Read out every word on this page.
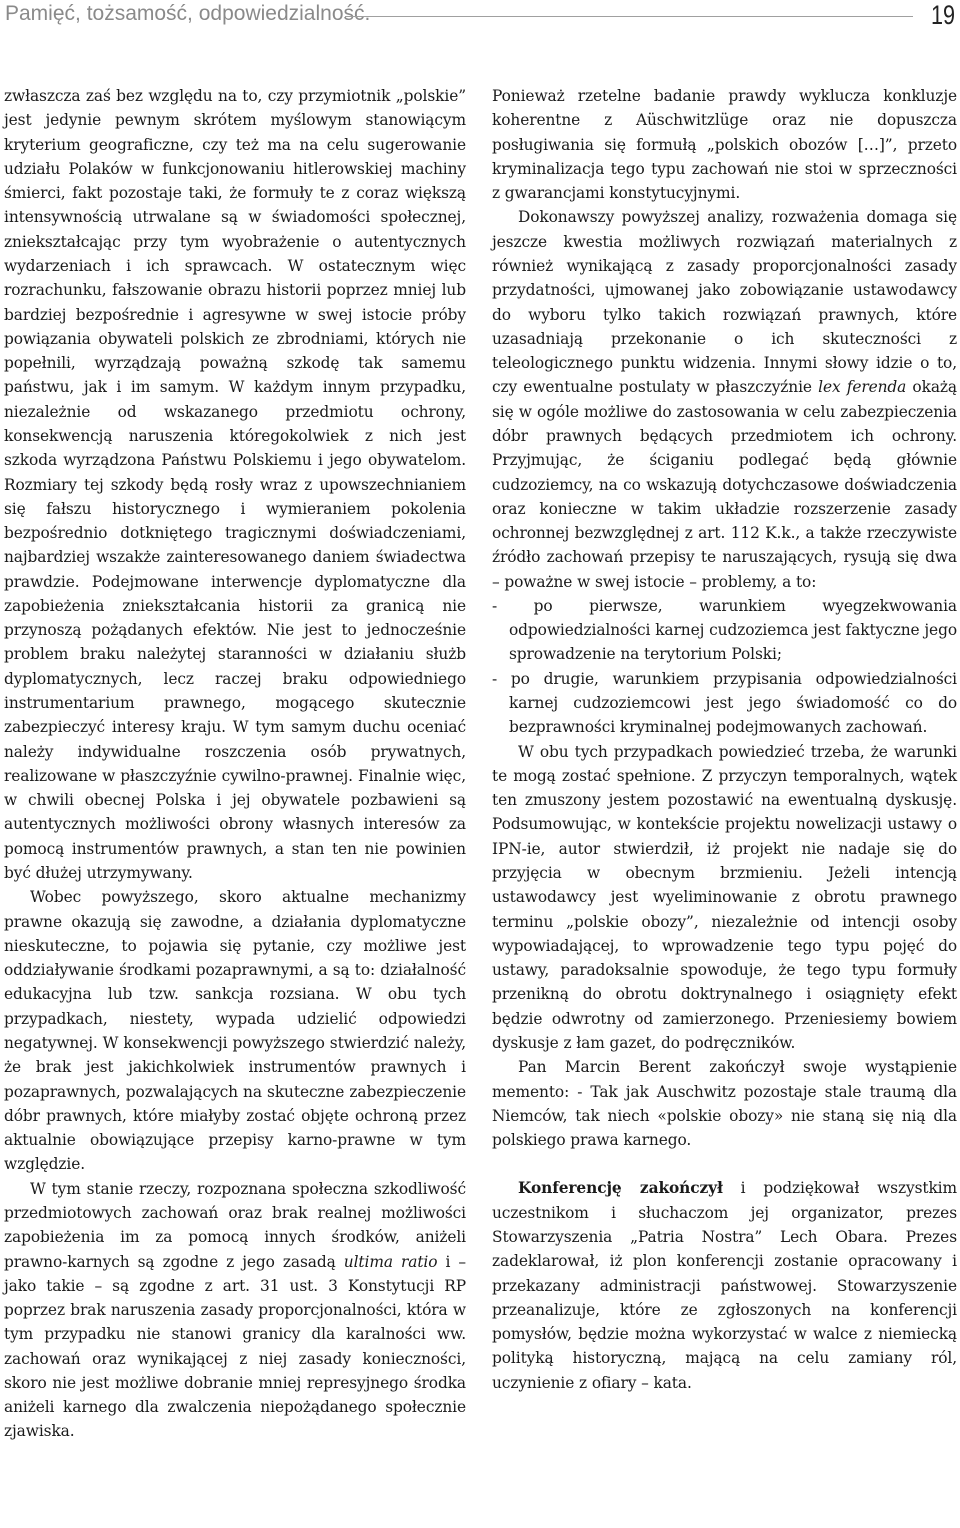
Pamięć, tożsamość, odpowiedzialność.	19

zwłaszcza zaś bez względu na to, czy przymiotnik „polskie” jest jedynie pewnym skrótem myślowym stanowiącym kryterium geograficzne, czy też ma na celu sugerowanie udziału Polaków w funkcjonowaniu hitlerowskiej machiny śmierci, fakt pozostaje taki, że formuły te z coraz większą intensywnością utrwalane są w świadomości społecznej, zniekształcając przy tym wyobrażenie o autentycznych wydarzeniach i ich sprawcach. W ostatecznym więc rozrachunku, fałszowanie obrazu historii poprzez mniej lub bardziej bezpośrednie i agresywne w swej istocie próby powiązania obywateli polskich ze zbrodniami, których nie popełnili, wyrządzają poważną szkodę tak samemu państwu, jak i im samym. W każdym innym przypadku, niezależnie od wskazanego przedmiotu ochrony, konsekwencją naruszenia któregokolwiek z nich jest szkoda wyrządzona Państwu Polskiemu i jego obywatelom. Rozmiary tej szkody będą rosły wraz z upowszechnianiem się fałszu historycznego i wymieraniem pokolenia bezpośrednio dotkniętego tragicznymi doświadczeniami, najbardziej wszakże zainteresowanego daniem świadectwa prawdzie. Podejmowane interwencje dyplomatyczne dla zapobieżenia zniekształcania historii za granicą nie przynoszą pożądanych efektów. Nie jest to jednocześnie problem braku należytej staranności w działaniu służb dyplomatycznych, lecz raczej braku odpowiedniego instrumentarium prawnego, mogącego skutecznie zabezpieczyć interesy kraju. W tym samym duchu oceniać należy indywidualne roszczenia osób prywatnych, realizowane w płaszczyźnie cywilno-prawnej. Finalnie więc, w chwili obecnej Polska i jej obywatele pozbawieni są autentycznych możliwości obrony własnych interesów za pomocą instrumentów prawnych, a stan ten nie powinien być dłużej utrzymywany.

Wobec powyższego, skoro aktualne mechanizmy prawne okazują się zawodne, a działania dyplomatyczne nieskuteczne, to pojawia się pytanie, czy możliwe jest oddziaływanie środkami pozaprawnymi, a są to: działalność edukacyjna lub tzw. sankcja rozsiana. W obu tych przypadkach, niestety, wypada udzielić odpowiedzi negatywnej. W konsekwencji powyższego stwierdzić należy, że brak jest jakichkolwiek instrumentów prawnych i pozaprawnych, pozwalających na skuteczne zabezpieczenie dóbr prawnych, które miałyby zostać objęte ochroną przez aktualnie obowiązujące przepisy karno-prawne w tym względzie.

W tym stanie rzeczy, rozpoznana społeczna szkodliwość przedmiotowych zachowań oraz brak realnej możliwości zapobieżenia im za pomocą innych środków, aniżeli prawno-karnych są zgodne z jego zasadą ultima ratio i – jako takie – są zgodne z art. 31 ust. 3 Konstytucji RP poprzez brak naruszenia zasady proporcjonalności, która w tym przypadku nie stanowi granicy dla karalności ww. zachowań oraz wynikającej z niej zasady konieczności, skoro nie jest możliwe dobranie mniej represyjnego środka aniżeli karnego dla zwalczenia niepożądanego społecznie zjawiska.

Ponieważ rzetelne badanie prawdy wyklucza konkluzje koherentne z Aüschwitzlüge oraz nie dopuszcza posługiwania się formułą „polskich obozów […]”, przeto kryminalizacja tego typu zachowań nie stoi w sprzeczności z gwarancjami konstytucyjnymi.

Dokonawszy powyższej analizy, rozważenia domaga się jeszcze kwestia możliwych rozwiązań materialnych z również wynikającą z zasady proporcjonalności zasady przydatności, ujmowanej jako zobowiązanie ustawodawcy do wyboru tylko takich rozwiązań prawnych, które uzasadniają przekonanie o ich skuteczności z teleologicznego punktu widzenia. Innymi słowy idzie o to, czy ewentualne postulaty w płaszczyźnie lex ferenda okażą się w ogóle możliwe do zastosowania w celu zabezpieczenia dóbr prawnych będących przedmiotem ich ochrony. Przyjmując, że ściganiu podlegać będą głównie cudzoziemcy, na co wskazują dotychczasowe doświadczenia oraz konieczne w takim układzie rozszerzenie zasady ochronnej bezwzględnej z art. 112 K.k., a także rzeczywiste źródło zachowań przepisy te naruszających, rysują się dwa – poważne w swej istocie – problemy, a to:

- po pierwsze, warunkiem wyegzekwowania odpowiedzialności karnej cudzoziemca jest faktyczne jego sprowadzenie na terytorium Polski;
- po drugie, warunkiem przypisania odpowiedzialności karnej cudzoziemcowi jest jego świadomość co do bezprawności kryminalnej podejmowanych zachowań.

W obu tych przypadkach powiedzieć trzeba, że warunki te mogą zostać spełnione. Z przyczyn temporalnych, wątek ten zmuszony jestem pozostawić na ewentualną dyskusję. Podsumowując, w kontekście projektu nowelizacji ustawy o IPN-ie, autor stwierdził, iż projekt nie nadaje się do przyjęcia w obecnym brzmieniu. Jeżeli intencją ustawodawcy jest wyeliminowanie z obrotu prawnego terminu „polskie obozy”, niezależnie od intencji osoby wypowiadającej, to wprowadzenie tego typu pojęć do ustawy, paradoksalnie spowoduje, że tego typu formuły przenikną do obrotu doktrynalnego i osiągnięty efekt będzie odwrotny od zamierzonego. Przeniesiemy bowiem dyskusje z łam gazet, do podręczników.

Pan Marcin Berent zakończył swoje wystąpienie memento: - Tak jak Auschwitz pozostaje stale traumą dla Niemców, tak niech «polskie obozy» nie staną się nią dla polskiego prawa karnego.

Konferencję zakończył i podziękował wszystkim uczestnikom i słuchaczom jej organizator, prezes Stowarzyszenia „Patria Nostra” Lech Obara. Prezes zadeklarował, iż plon konferencji zostanie opracowany i przekazany administracji państwowej. Stowarzyszenie przeanalizuje, które ze zgłoszonych na konferencji pomysłów, będzie można wykorzystać w walce z niemiecką polityką historyczną, mającą na celu zamiany ról, uczynienie z ofiary – kata.
